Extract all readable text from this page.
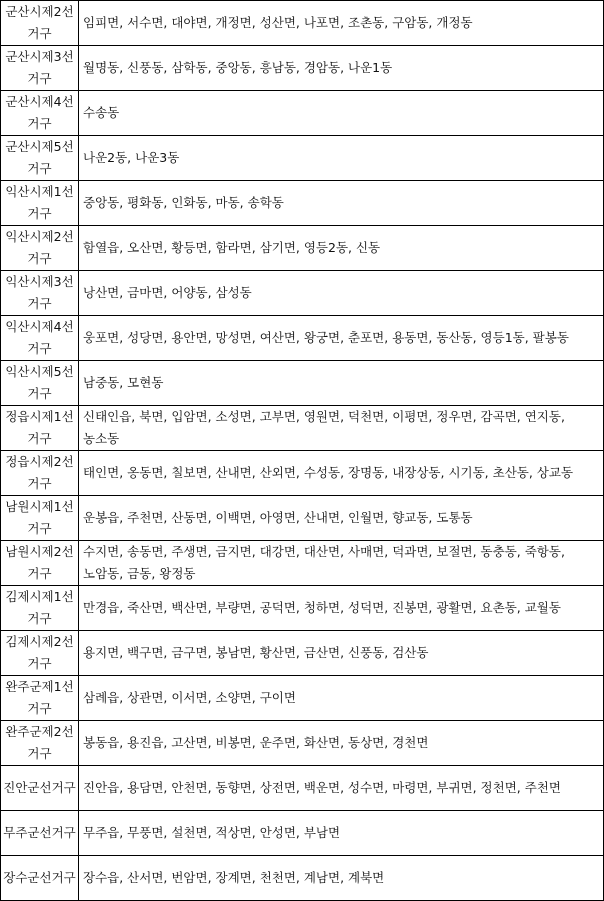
군산시제2선거구	임피면, 서수면, 대야면, 개정면, 성산면, 나포면, 조촌동, 구암동, 개정동
군산시제3선거구	월명동, 신풍동, 삼학동, 중앙동, 흥남동, 경암동, 나운1동
군산시제4선거구	수송동
군산시제5선거구	나운2동, 나운3동
익산시제1선거구	중앙동, 평화동, 인화동, 마동, 송학동
익산시제2선거구	함열읍, 오산면, 황등면, 함라면, 삼기면, 영등2동, 신동
익산시제3선거구	낭산면, 금마면, 어양동, 삼성동
익산시제4선거구	웅포면, 성당면, 용안면, 망성면, 여산면, 왕궁면, 춘포면, 용동면, 동산동, 영등1동, 팔봉동
익산시제5선거구	남중동, 모현동
정읍시제1선거구	신태인읍, 북면, 입암면, 소성면, 고부면, 영원면, 덕천면, 이평면, 정우면, 감곡면, 연지동, 농소동
정읍시제2선거구	태인면, 옹동면, 칠보면, 산내면, 산외면, 수성동, 장명동, 내장상동, 시기동, 초산동, 상교동
남원시제1선거구	운봉읍, 주천면, 산동면, 이백면, 아영면, 산내면, 인월면, 향교동, 도통동
남원시제2선거구	수지면, 송동면, 주생면, 금지면, 대강면, 대산면, 사매면, 덕과면, 보절면, 동충동, 죽항동, 노암동, 금동, 왕정동
김제시제1선거구	만경읍, 죽산면, 백산면, 부량면, 공덕면, 청하면, 성덕면, 진봉면, 광활면, 요촌동, 교월동
김제시제2선거구	용지면, 백구면, 금구면, 봉남면, 황산면, 금산면, 신풍동, 검산동
완주군제1선거구	삼례읍, 상관면, 이서면, 소양면, 구이면
완주군제2선거구	봉동읍, 용진읍, 고산면, 비봉면, 운주면, 화산면, 동상면, 경천면
진안군선거구	진안읍, 용담면, 안천면, 동향면, 상전면, 백운면, 성수면, 마령면, 부귀면, 정천면, 주천면
무주군선거구	무주읍, 무풍면, 설천면, 적상면, 안성면, 부남면
장수군선거구	장수읍, 산서면, 번암면, 장계면, 천천면, 계남면, 계북면
